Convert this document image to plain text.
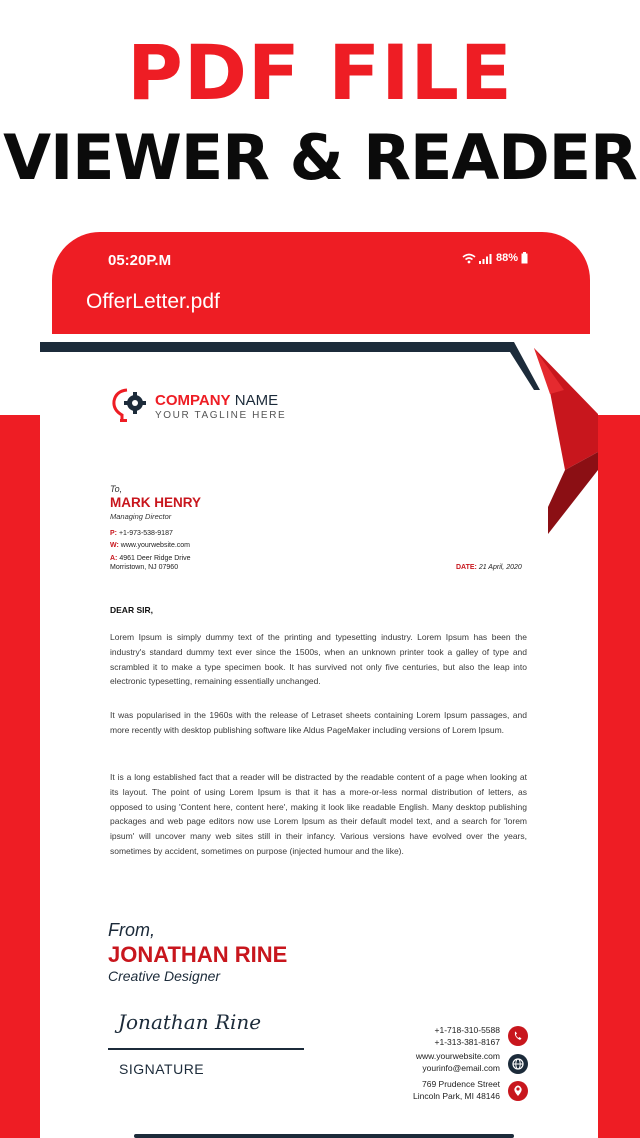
PDF FILE
VIEWER & READER
05:20P.M	88%
OfferLetter.pdf
COMPANY NAME
YOUR TAGLINE HERE
To,
MARK HENRY
Managing Director
P: +1-973-538-9187
W: www.yourwebsite.com
A: 4961 Deer Ridge Drive
Morristown, NJ 07960	DATE: 21 April, 2020
DEAR SIR,

Lorem Ipsum is simply dummy text of the printing and typesetting industry. Lorem Ipsum has been the industry's standard dummy text ever since the 1500s, when an unknown printer took a galley of type and scrambled it to make a type specimen book. It has survived not only five centuries, but also the leap into electronic typesetting, remaining essentially unchanged.

It was popularised in the 1960s with the release of Letraset sheets containing Lorem Ipsum passages, and more recently with desktop publishing software like Aldus PageMaker including versions of Lorem Ipsum.

It is a long established fact that a reader will be distracted by the readable content of a page when looking at its layout. The point of using Lorem Ipsum is that it has a more-or-less normal distribution of letters, as opposed to using 'Content here, content here', making it look like readable English. Many desktop publishing packages and web page editors now use Lorem Ipsum as their default model text, and a search for 'lorem ipsum' will uncover many web sites still in their infancy. Various versions have evolved over the years, sometimes by accident, sometimes on purpose (injected humour and the like).

From,
JONATHAN RINE
Creative Designer
Jonathan Rine
SIGNATURE
+1-718-310-5588
+1-313-381-8167
www.yourwebsite.com
yourinfo@email.com
769 Prudence Street
Lincoln Park, MI 48146
